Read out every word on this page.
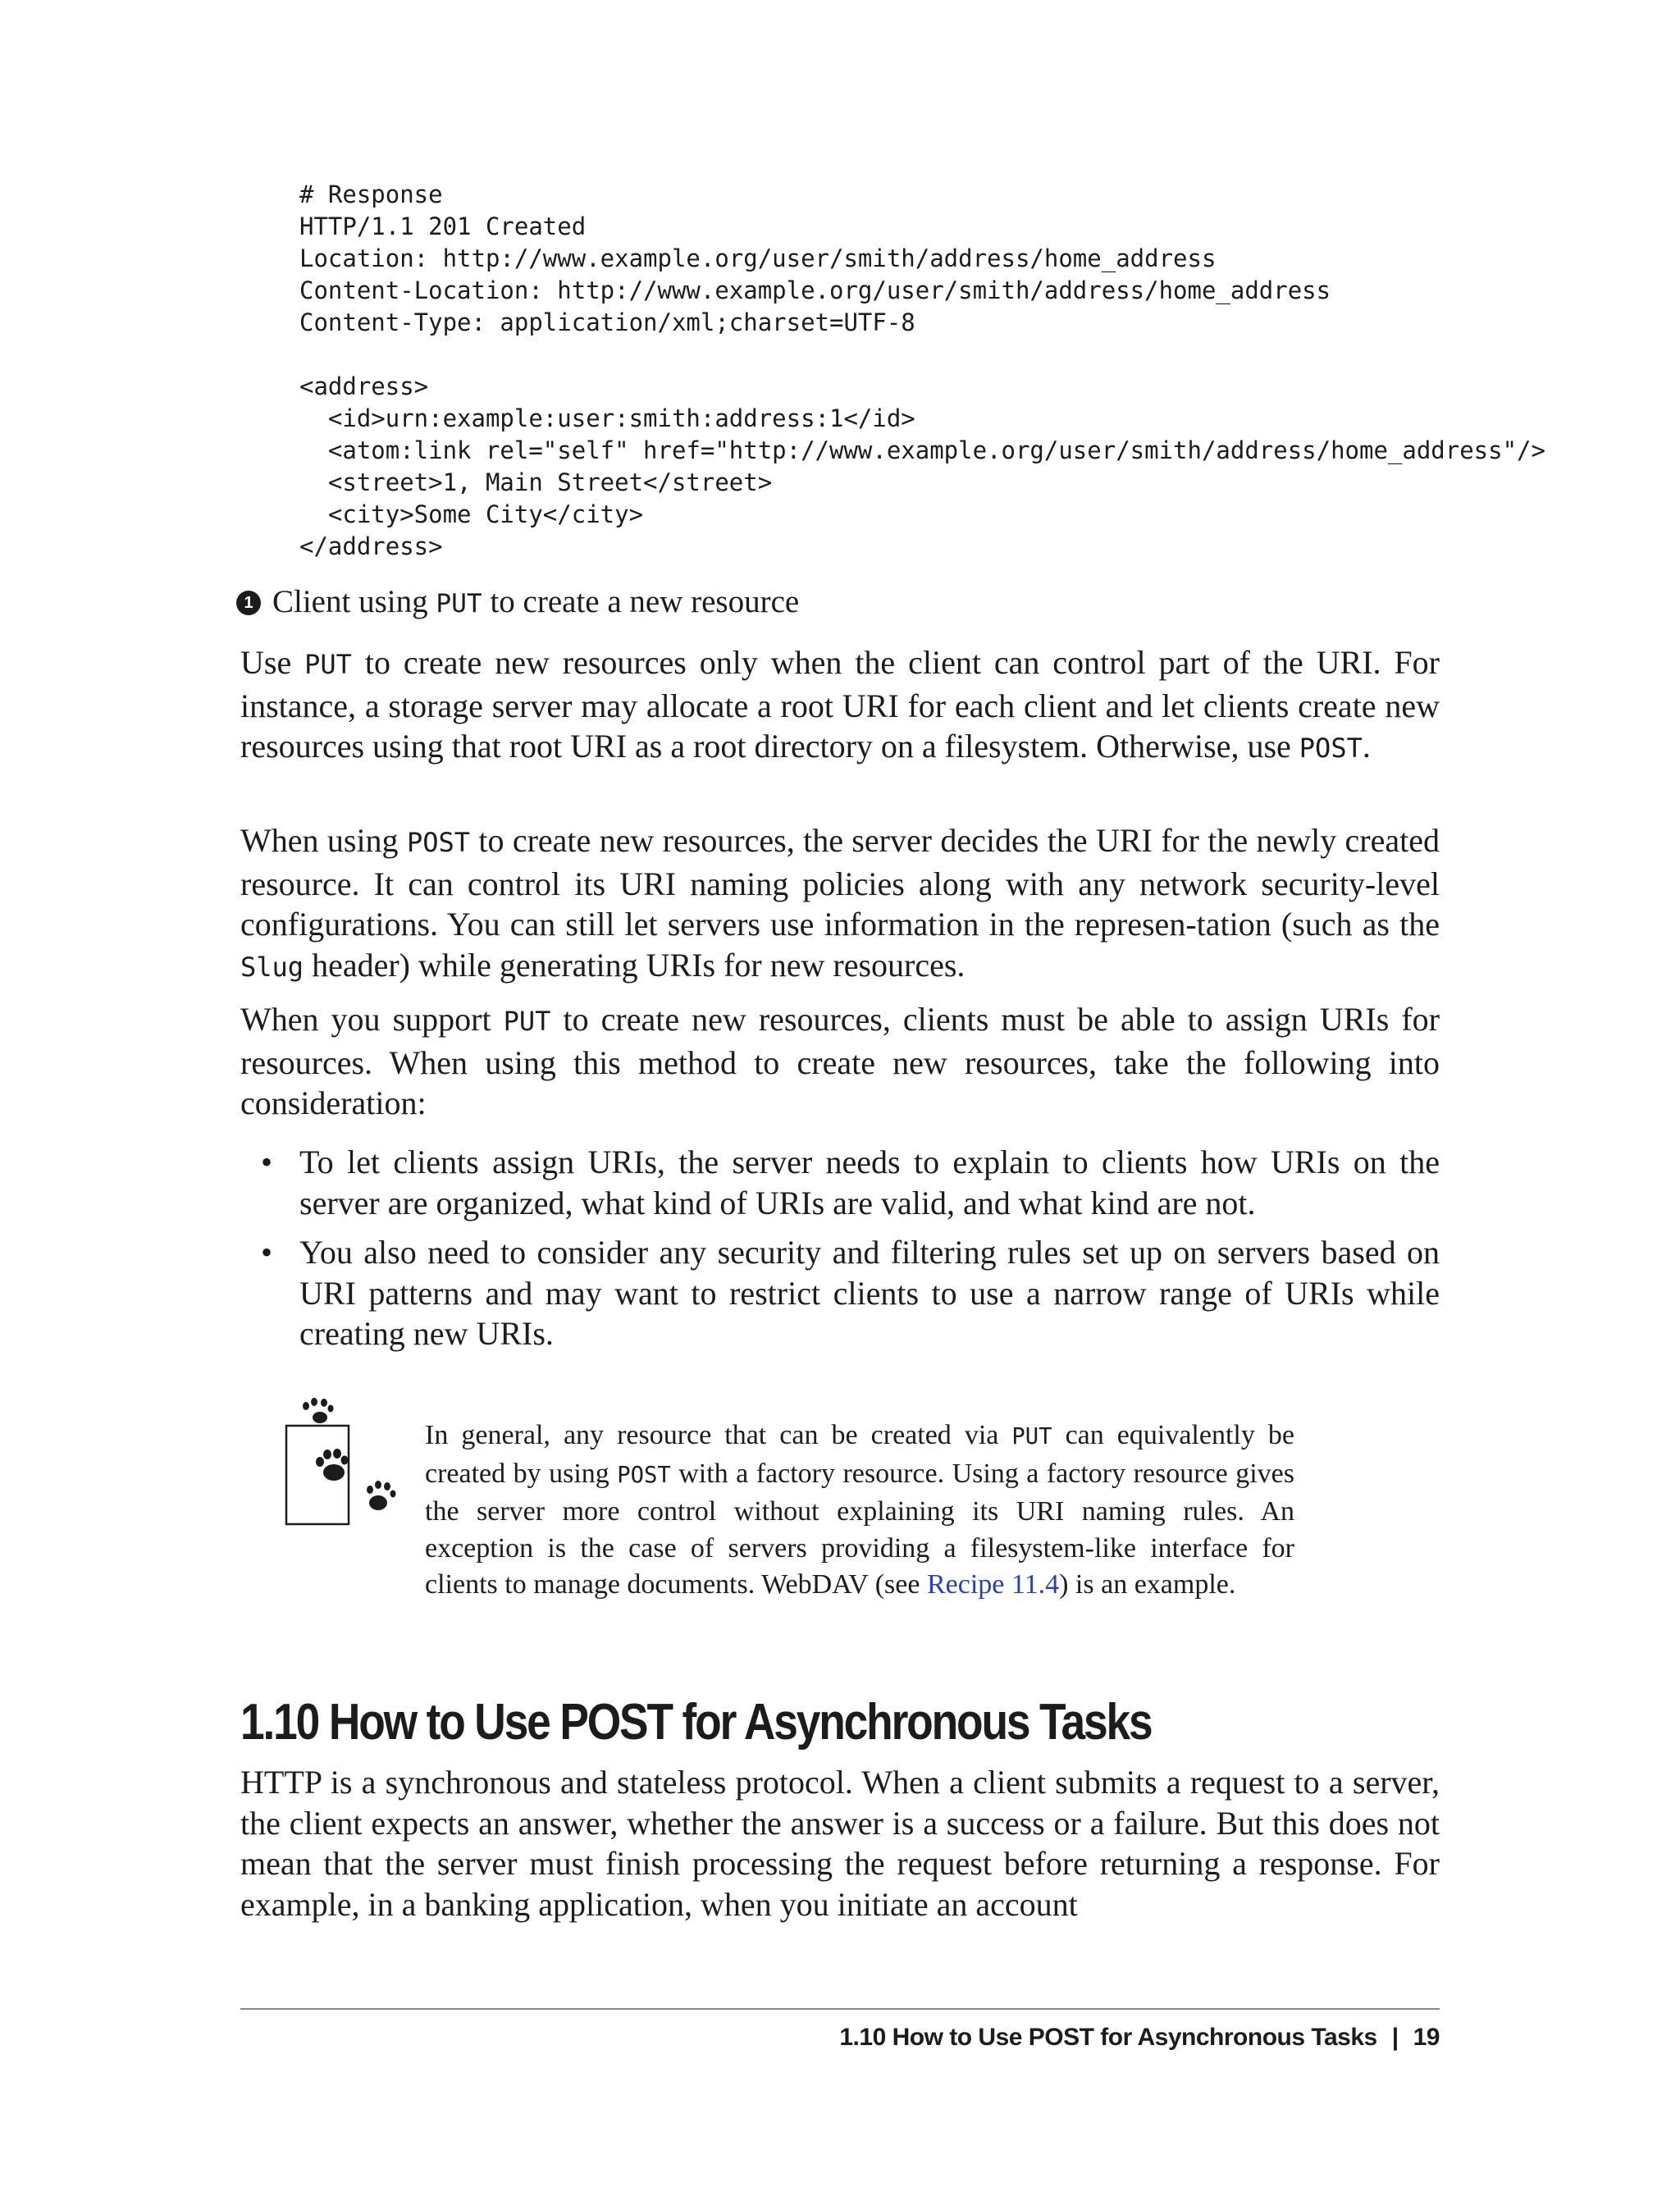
# Response
HTTP/1.1 201 Created
Location: http://www.example.org/user/smith/address/home_address
Content-Location: http://www.example.org/user/smith/address/home_address
Content-Type: application/xml;charset=UTF-8
<address>
<id>urn:example:user:smith:address:1</id>
<atom:link rel="self" href="http://www.example.org/user/smith/address/home_address"/>
<street>1, Main Street</street>
<city>Some City</city>
</address>
1 Client using PUT to create a new resource

Use PUT to create new resources only when the client can control part of the URI. For instance, a storage server may allocate a root URI for each client and let clients create new resources using that root URI as a root directory on a filesystem. Otherwise, use POST.

When using POST to create new resources, the server decides the URI for the newly created resource. It can control its URI naming policies along with any network security-level configurations. You can still let servers use information in the represen-tation (such as the Slug header) while generating URIs for new resources.

When you support PUT to create new resources, clients must be able to assign URIs for resources. When using this method to create new resources, take the following into consideration:

• To let clients assign URIs, the server needs to explain to clients how URIs on the server are organized, what kind of URIs are valid, and what kind are not.
• You also need to consider any security and filtering rules set up on servers based on URI patterns and may want to restrict clients to use a narrow range of URIs while creating new URIs.

In general, any resource that can be created via PUT can equivalently be created by using POST with a factory resource. Using a factory resource gives the server more control without explaining its URI naming rules. An exception is the case of servers providing a filesystem-like interface for clients to manage documents. WebDAV (see Recipe 11.4) is an example.

1.10 How to Use POST for Asynchronous Tasks

HTTP is a synchronous and stateless protocol. When a client submits a request to a server, the client expects an answer, whether the answer is a success or a failure. But this does not mean that the server must finish processing the request before returning a response. For example, in a banking application, when you initiate an account

1.10 How to Use POST for Asynchronous Tasks | 19
